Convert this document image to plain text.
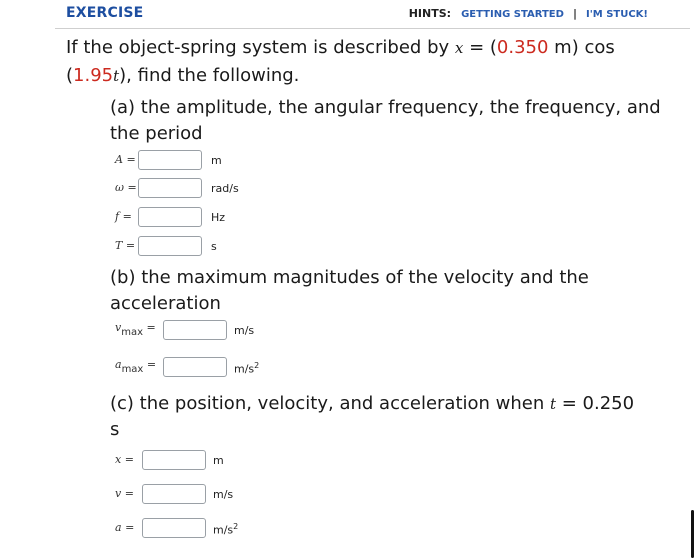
EXERCISE	HINTS: GETTING STARTED | I'M STUCK!
If the object-spring system is described by x = (0.350 m) cos
(1.95t), find the following.
(a) the amplitude, the angular frequency, the frequency, and the period
A =	m
ω =	rad/s
f =	Hz
T =	s
(b) the maximum magnitudes of the velocity and the acceleration
vmax =	m/s
amax =	$m/s^2$
(c) the position, velocity, and acceleration when t = 0.250
s
x =	m
v =	m/s
a =	$m/s^2$
